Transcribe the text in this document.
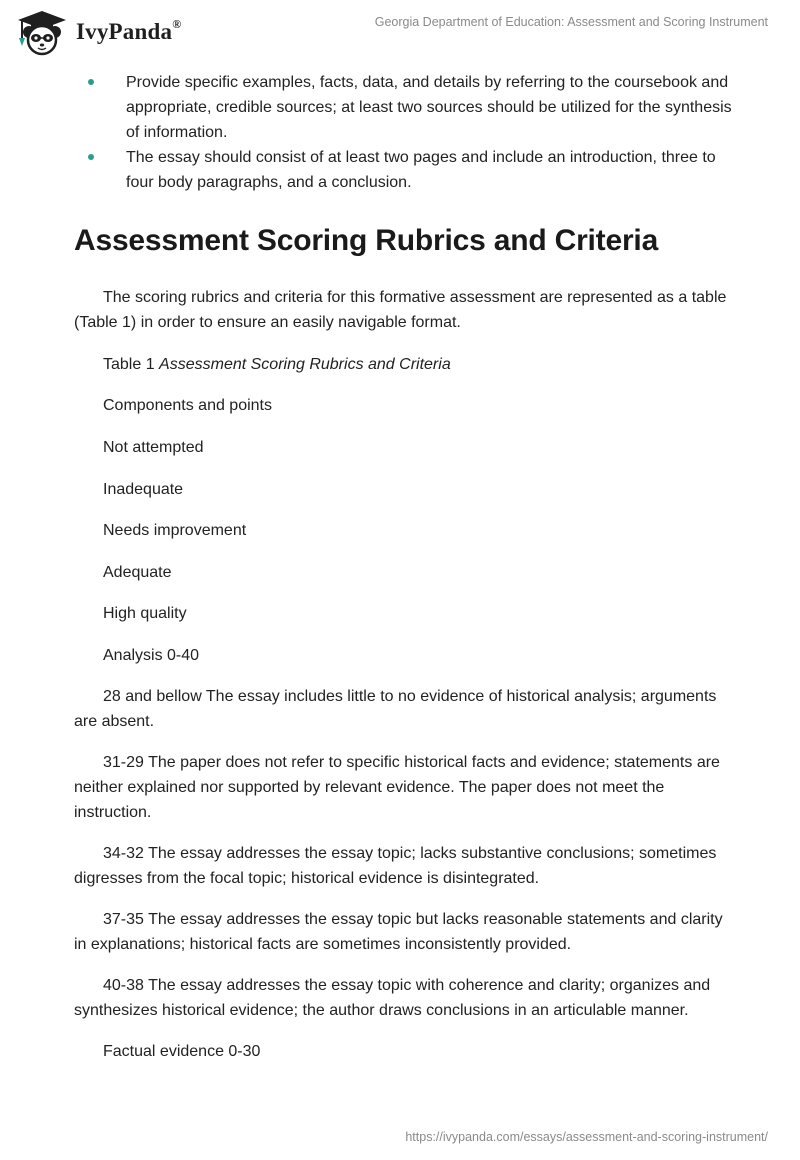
IvyPanda®	Georgia Department of Education: Assessment and Scoring Instrument
Provide specific examples, facts, data, and details by referring to the coursebook and appropriate, credible sources; at least two sources should be utilized for the synthesis of information.
The essay should consist of at least two pages and include an introduction, three to four body paragraphs, and a conclusion.
Assessment Scoring Rubrics and Criteria

The scoring rubrics and criteria for this formative assessment are represented as a table (Table 1) in order to ensure an easily navigable format.

Table 1 Assessment Scoring Rubrics and Criteria

Components and points

Not attempted

Inadequate

Needs improvement

Adequate

High quality

Analysis 0-40

28 and bellow The essay includes little to no evidence of historical analysis; arguments are absent.

31-29 The paper does not refer to specific historical facts and evidence; statements are neither explained nor supported by relevant evidence. The paper does not meet the instruction.

34-32 The essay addresses the essay topic; lacks substantive conclusions; sometimes digresses from the focal topic; historical evidence is disintegrated.

37-35 The essay addresses the essay topic but lacks reasonable statements and clarity in explanations; historical facts are sometimes inconsistently provided.

40-38 The essay addresses the essay topic with coherence and clarity; organizes and synthesizes historical evidence; the author draws conclusions in an articulable manner.

Factual evidence 0-30

https://ivypanda.com/essays/assessment-and-scoring-instrument/
